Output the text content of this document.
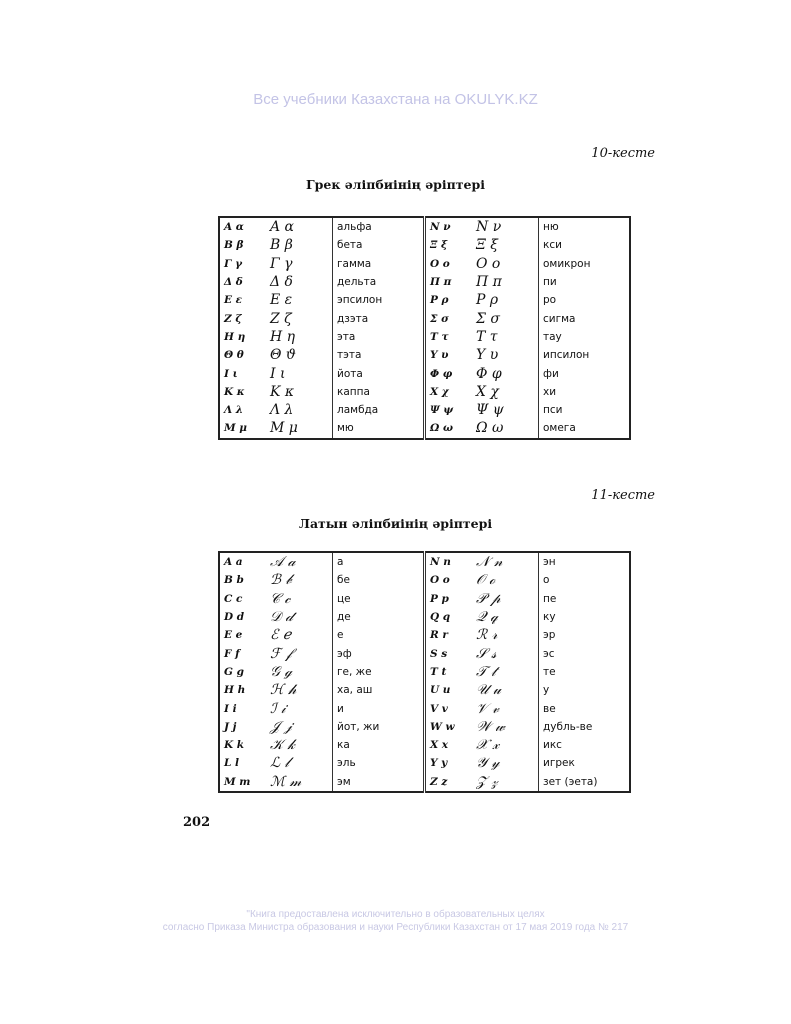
Все учебники Казахстана на OKULYK.KZ
10-кесте
Грек әліпбиінің әріптері
Α α	Α α	альфа	Ν ν	Ν ν	ню
Β β	Β β	бета	Ξ ξ	Ξ ξ	кси
Γ γ	Γ γ	гамма	Ο ο	Ο ο	омикрон
Δ δ	Δ δ	дельта	Π π	Π π	пи
Ε ε	Ε ε	эпсилон	Ρ ρ	Ρ ρ	ро
Ζ ζ	Ζ ζ	дзэта	Σ σ	Σ σ	сигма
Η η	Η η	эта	Τ τ	Τ τ	тау
Θ θ	Θ ϑ	тэта	Υ υ	Υ υ	ипсилон
Ι ι	Ι ι	йота	Φ φ	Φ φ	фи
Κ κ	Κ κ	каппа	Χ χ	Χ χ	хи
Λ λ	Λ λ	ламбда	Ψ ψ	Ψ ψ	пси
Μ μ	Μ μ	мю	Ω ω	Ω ω	омега
11-кесте
Латын әліпбиінің әріптері
A a	𝒜 𝒶	а	N n	𝒩 𝓃	эн
B b	ℬ 𝒷	бе	O o	𝒪 ℴ	о
C c	𝒞 𝒸	це	P p	𝒫 𝓅	пе
D d	𝒟 𝒹	де	Q q	𝒬 𝓆	ку
E e	ℰ ℯ	е	R r	ℛ 𝓇	эр
F f	ℱ 𝒻	эф	S s	𝒮 𝓈	эс
G g	𝒢 ℊ	ге, же	T t	𝒯 𝓉	те
H h	ℋ 𝒽	ха, аш	U u	𝒰 𝓊	у
I i	ℐ 𝒾	и	V v	𝒱 𝓋	ве
J j	𝒥 𝒿	йот, жи	W w	𝒲 𝓌	дубль-ве
K k	𝒦 𝓀	ка	X x	𝒳 𝓍	икс
L l	ℒ 𝓁	эль	Y y	𝒴 𝓎	игрек
M m	ℳ 𝓂	эм	Z z	𝒵 𝓏	зет (эета)
202
"Книга предоставлена исключительно в образовательных целях
согласно Приказа Министра образования и науки Республики Казахстан от 17 мая 2019 года № 217
